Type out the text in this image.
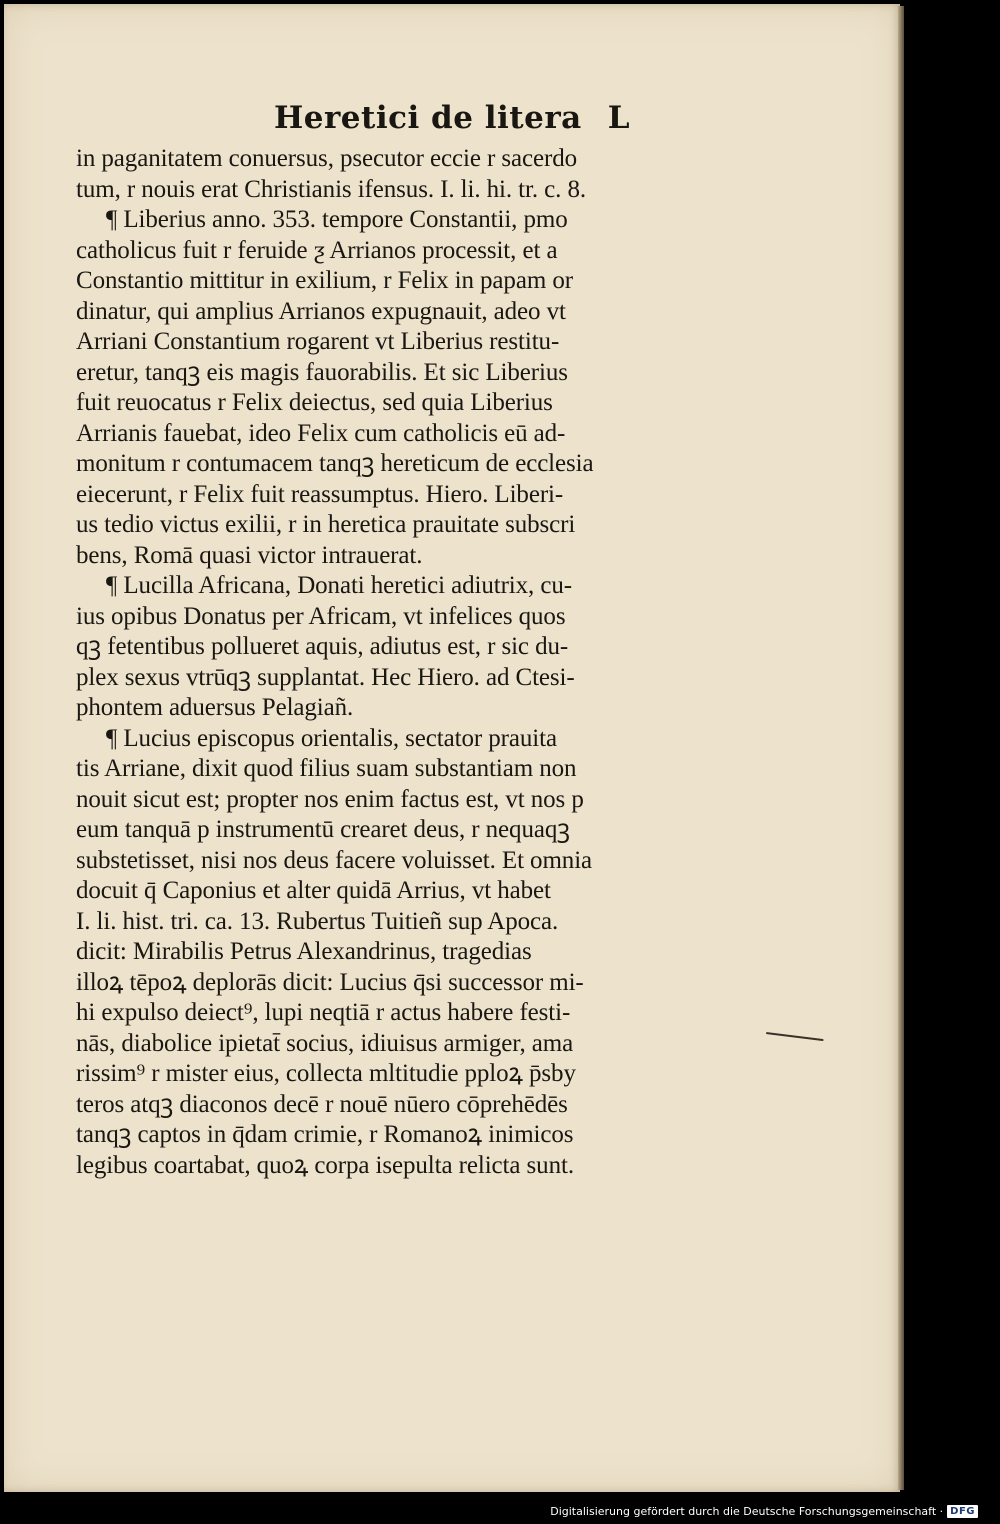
Heretici de litera L
in paganitatem conuersus, psecutor eccie r sacerdo
tum, r nouis erat Christianis ifensus. I. li. hi. tr. c. 8.
¶ Liberius anno. 353. tempore Constantii, pmo
catholicus fuit r feruide ƺ Arrianos processit, et a
Constantio mittitur in exilium, r Felix in papam or
dinatur, qui amplius Arrianos expugnauit, adeo vt
Arriani Constantium rogarent vt Liberius restitu-
eretur, tanqꝫ eis magis fauorabilis. Et sic Liberius
fuit reuocatus r Felix deiectus, sed quia Liberius
Arrianis fauebat, ideo Felix cum catholicis eū ad-
monitum r contumacem tanqꝫ hereticum de ecclesia
eiecerunt, r Felix fuit reassumptus. Hiero. Liberi-
us tedio victus exilii, r in heretica prauitate subscri
bens, Romā quasi victor intrauerat.
¶ Lucilla Africana, Donati heretici adiutrix, cu-
ius opibus Donatus per Africam, vt infelices quos
qꝫ fetentibus pollueret aquis, adiutus est, r sic du-
plex sexus vtrūqꝫ supplantat. Hec Hiero. ad Ctesi-
phontem aduersus Pelagiañ.
¶ Lucius episcopus orientalis, sectator prauita
tis Arriane, dixit quod filius suam substantiam non
nouit sicut est; propter nos enim factus est, vt nos p
eum tanquā p instrumentū crearet deus, r nequaqꝫ
substetisset, nisi nos deus facere voluisset. Et omnia
docuit q̄ Caponius et alter quidā Arrius, vt habet
I. li. hist. tri. ca. 13. Rubertus Tuitieñ sup Apoca.
dicit: Mirabilis Petrus Alexandrinus, tragedias
illoꝝ tēpoꝝ deplorās dicit: Lucius q̄si successor mi-
hi expulso deiect⁹, lupi neqtiā r actus habere festi-
nās, diabolice ipietat̄ socius, idiuisus armiger, ama
rissim⁹ r mister eius, collecta mltitudie pploꝝ p̄sby
teros atqꝫ diaconos decē r nouē nūero cōprehēdēs
tanqꝫ captos in q̄dam crimie, r Romanoꝝ inimicos
legibus coartabat, quoꝝ corpa isepulta relicta sunt.
Digitalisierung gefördert durch die Deutsche Forschungsgemeinschaft · DFG
